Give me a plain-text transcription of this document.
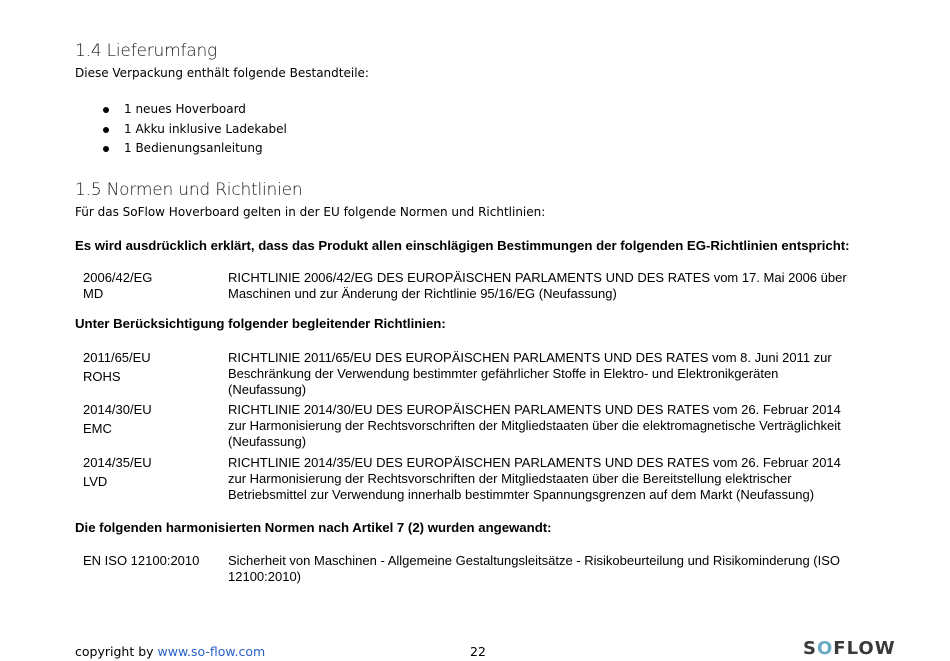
1.4 Lieferumfang
Diese Verpackung enthält folgende Bestandteile:
1 neues Hoverboard
1 Akku inklusive Ladekabel
1 Bedienungsanleitung
1.5 Normen und Richtlinien
Für das SoFlow Hoverboard gelten in der EU folgende Normen und Richtlinien:
Es wird ausdrücklich erklärt, dass das Produkt allen einschlägigen Bestimmungen der folgenden EG-Richtlinien entspricht:
2006/42/EG
MD
RICHTLINIE 2006/42/EG DES EUROPÄISCHEN PARLAMENTS UND DES RATES vom 17. Mai 2006 über Maschinen und zur Änderung der Richtlinie 95/16/EG (Neufassung)
Unter Berücksichtigung folgender begleitender Richtlinien:
2011/65/EU
ROHS
RICHTLINIE 2011/65/EU DES EUROPÄISCHEN PARLAMENTS UND DES RATES vom 8. Juni 2011 zur Beschränkung der Verwendung bestimmter gefährlicher Stoffe in Elektro- und Elektronikgeräten (Neufassung)
2014/30/EU
EMC
RICHTLINIE 2014/30/EU DES EUROPÄISCHEN PARLAMENTS UND DES RATES vom 26. Februar 2014 zur Harmonisierung der Rechtsvorschriften der Mitgliedstaaten über die elektromagnetische Verträglichkeit (Neufassung)
2014/35/EU
LVD
RICHTLINIE 2014/35/EU DES EUROPÄISCHEN PARLAMENTS UND DES RATES vom 26. Februar 2014 zur Harmonisierung der Rechtsvorschriften der Mitgliedstaaten über die Bereitstellung elektrischer Betriebsmittel zur Verwendung innerhalb bestimmter Spannungsgrenzen auf dem Markt (Neufassung)
Die folgenden harmonisierten Normen nach Artikel 7 (2) wurden angewandt:
EN ISO 12100:2010 Sicherheit von Maschinen - Allgemeine Gestaltungsleitsätze - Risikobeurteilung und Risikominderung (ISO 12100:2010)
copyright by www.so-flow.com	22	SOFLOW
